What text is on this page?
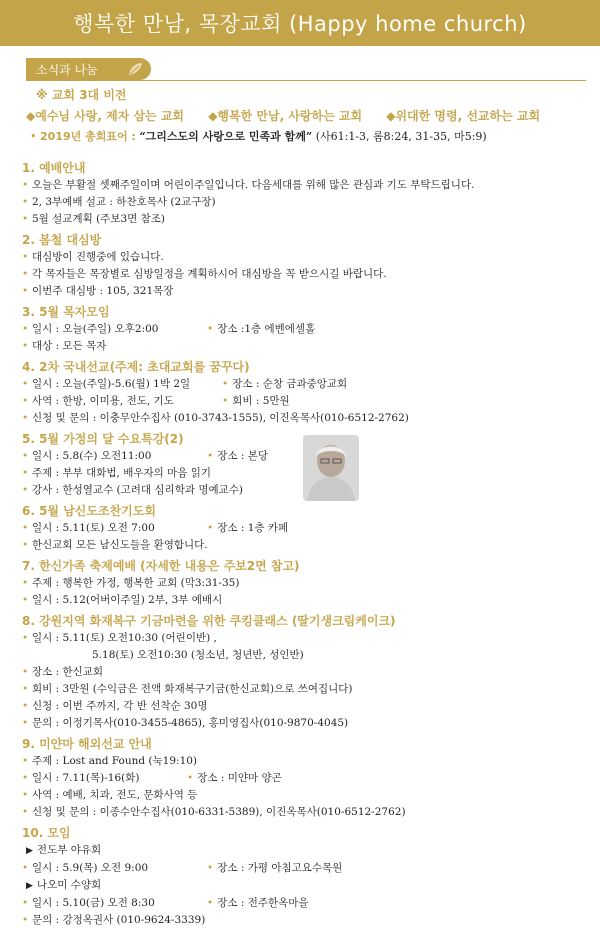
행복한 만남, 목장교회 (Happy home church)
소식과 나눔
※ 교회 3대 비전
◆예수님 사랑, 제자 삼는 교회 ◆행복한 만남, 사랑하는 교회 ◆위대한 명령, 선교하는 교회
• 2019년 총회표어 : “그리스도의 사랑으로 민족과 함께” (사61:1-3, 롬8:24, 31-35, 마5:9)
1. 예배안내
• 오늘은 부활절 셋째주일이며 어린이주일입니다. 다음세대를 위해 많은 관심과 기도 부탁드립니다.
• 2, 3부예배 설교 : 하찬호목사 (2교구장)
• 5월 설교계획 (주보3면 참조)
2. 봄철 대심방
• 대심방이 진행중에 있습니다.
• 각 목자들은 목장별로 심방일정을 계획하시어 대심방을 꼭 받으시길 바랍니다.
• 이번주 대심방 : 105, 321목장
3. 5월 목자모임
• 일시 : 오늘(주일) 오후2:00	• 장소 :1층 에벤에셀홀
• 대상 : 모든 목자
4. 2차 국내선교(주제: 초대교회를 꿈꾸다)
• 일시 : 오늘(주일)-5.6(월) 1박 2일	• 장소 : 순창 금과중앙교회
• 사역 : 한방, 이미용, 전도, 기도	• 회비 : 5만원
• 신청 및 문의 : 이충무안수집사 (010-3743-1555), 이진옥목사(010-6512-2762)
5. 5월 가정의 달 수요특강(2)
• 일시 : 5.8(수) 오전11:00	• 장소 : 본당
• 주제 : 부부 대화법, 배우자의 마음 읽기
• 강사 : 한성열교수 (고려대 심리학과 명예교수)
6. 5월 남신도조찬기도회
• 일시 : 5.11(토) 오전 7:00	• 장소 : 1층 카페
• 한신교회 모든 남신도들을 환영합니다.
7. 한신가족 축제예배 (자세한 내용은 주보2면 참고)
• 주제 : 행복한 가정, 행복한 교회 (막3:31-35)
• 일시 : 5.12(어버이주일) 2부, 3부 예배시
8. 강원지역 화재복구 기금마련을 위한 쿠킹클래스 (딸기생크림케이크)
• 일시 : 5.11(토) 오전10:30 (어린이반) ,
5.18(토) 오전10:30 (청소년, 청년반, 성인반)
• 장소 : 한신교회
• 회비 : 3만원 (수익금은 전액 화재복구기금(한신교회)으로 쓰여집니다)
• 신청 : 이번 주까지, 각 반 선착순 30명
• 문의 : 이정기목사(010-3455-4865), 홍미영집사(010-9870-4045)
9. 미얀마 해외선교 안내
• 주제 : Lost and Found (눅19:10)
• 일시 : 7.11(목)-16(화)	• 장소 : 미얀마 양곤
• 사역 : 예배, 치과, 전도, 문화사역 등
• 신청 및 문의 : 이종수안수집사(010-6331-5389), 이진옥목사(010-6512-2762)
10. 모임
▶ 전도부 야유회
• 일시 : 5.9(목) 오전 9:00	• 장소 : 가평 아침고요수목원
▶ 나오미 수양회
• 일시 : 5.10(금) 오전 8:30	• 장소 : 전주한옥마을
• 문의 : 강정옥권사 (010-9624-3339)
